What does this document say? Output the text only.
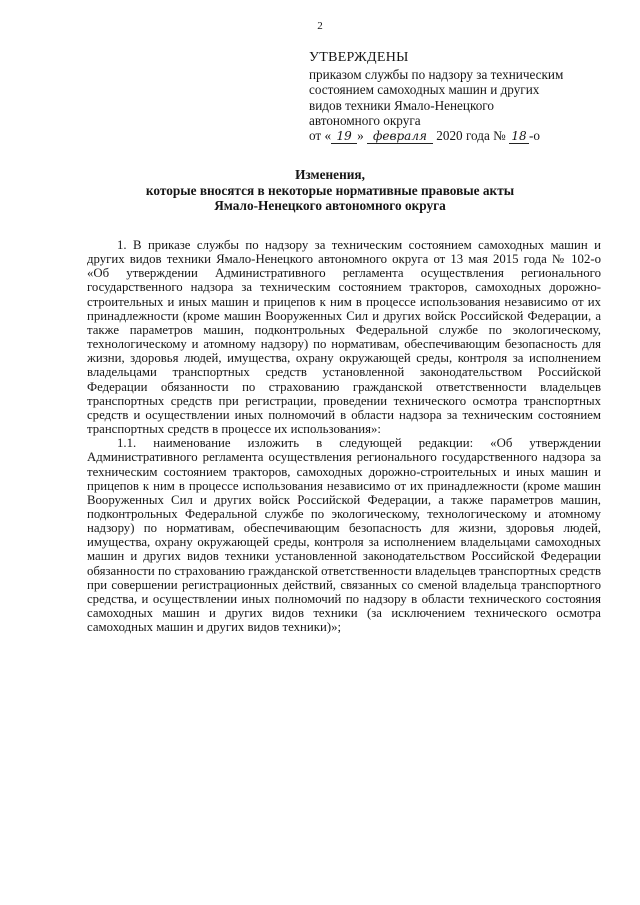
2
УТВЕРЖДЕНЫ
приказом службы по надзору за техническим
состоянием самоходных машин и других
видов техники Ямало-Ненецкого
автономного округа
от « 19 » февраля 2020 года № 18 -о
Изменения,
которые вносятся в некоторые нормативные правовые акты
Ямало-Ненецкого автономного округа

1. В приказе службы по надзору за техническим состоянием самоходных машин и других видов техники Ямало-Ненецкого автономного округа от 13 мая 2015 года № 102-о «Об утверждении Административного регламента осуществления регионального государственного надзора за техническим состоянием тракторов, самоходных дорожно-строительных и иных машин и прицепов к ним в процессе использования независимо от их принадлежности (кроме машин Вооруженных Сил и других войск Российской Федерации, а также параметров машин, подконтрольных Федеральной службе по экологическому, технологическому и атомному надзору) по нормативам, обеспечивающим безопасность для жизни, здоровья людей, имущества, охрану окружающей среды, контроля за исполнением владельцами транспортных средств установленной законодательством Российской Федерации обязанности по страхованию гражданской ответственности владельцев транспортных средств при регистрации, проведении технического осмотра транспортных средств и осуществлении иных полномочий в области надзора за техническим состоянием транспортных средств в процессе их использования»:

1.1. наименование изложить в следующей редакции: «Об утверждении Административного регламента осуществления регионального государственного надзора за техническим состоянием тракторов, самоходных дорожно-строительных и иных машин и прицепов к ним в процессе использования независимо от их принадлежности (кроме машин Вооруженных Сил и других войск Российской Федерации, а также параметров машин, подконтрольных Федеральной службе по экологическому, технологическому и атомному надзору) по нормативам, обеспечивающим безопасность для жизни, здоровья людей, имущества, охрану окружающей среды, контроля за исполнением владельцами самоходных машин и других видов техники установленной законодательством Российской Федерации обязанности по страхованию гражданской ответственности владельцев транспортных средств при совершении регистрационных действий, связанных со сменой владельца транспортного средства, и осуществлении иных полномочий по надзору в области технического состояния самоходных машин и других видов техники (за исключением технического осмотра самоходных машин и других видов техники)»;
